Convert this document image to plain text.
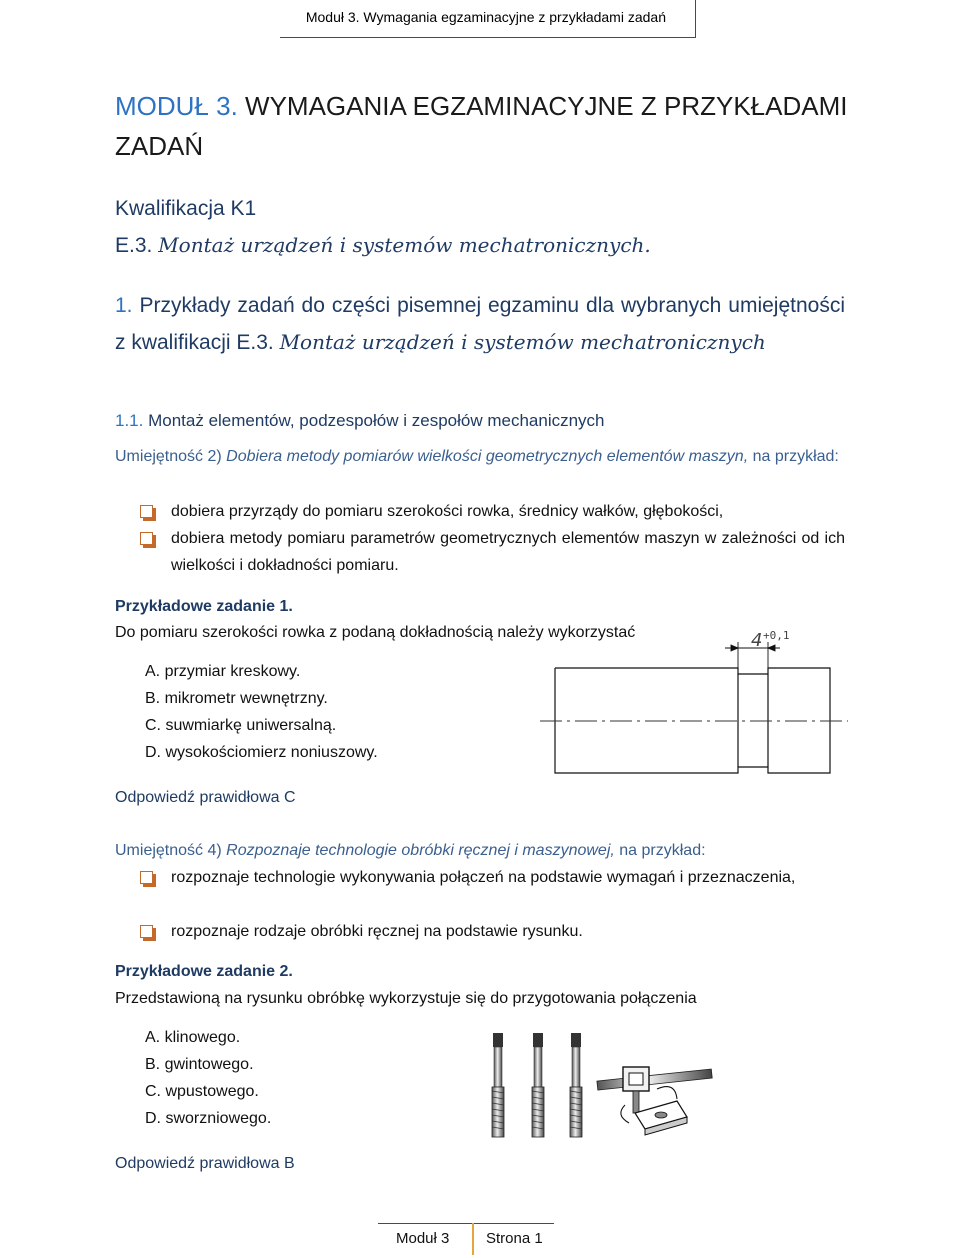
Moduł 3. Wymagania egzaminacyjne z przykładami zadań
MODUŁ 3. WYMAGANIA EGZAMINACYJNE Z PRZYKŁADAMI ZADAŃ
Kwalifikacja K1
E.3. Montaż urządzeń i systemów mechatronicznych.
1. Przykłady zadań do części pisemnej egzaminu dla wybranych umiejętności z kwalifikacji E.3. Montaż urządzeń i systemów mechatronicznych
1.1. Montaż elementów, podzespołów i zespołów mechanicznych
Umiejętność 2) Dobiera metody pomiarów wielkości geometrycznych elementów maszyn, na przykład:
dobiera przyrządy do pomiaru szerokości rowka, średnicy wałków, głębokości,
dobiera metody pomiaru parametrów geometrycznych elementów maszyn w zależności od ich wielkości i dokładności pomiaru.
Przykładowe zadanie 1.
Do pomiaru szerokości rowka z podaną dokładnością należy wykorzystać
A. przymiar kreskowy.
B. mikrometr wewnętrzny.
C. suwmiarkę uniwersalną.
D. wysokościomierz noniuszowy.
4 +0,1
Odpowiedź prawidłowa C
Umiejętność 4) Rozpoznaje technologie obróbki ręcznej i maszynowej, na przykład:
rozpoznaje technologie wykonywania połączeń na podstawie wymagań i przeznaczenia,
rozpoznaje rodzaje obróbki ręcznej na podstawie rysunku.
Przykładowe zadanie 2.
Przedstawioną na rysunku obróbkę wykorzystuje się do przygotowania połączenia
A. klinowego.
B. gwintowego.
C. wpustowego.
D. sworzniowego.
Odpowiedź prawidłowa B
Moduł 3 Strona 1
